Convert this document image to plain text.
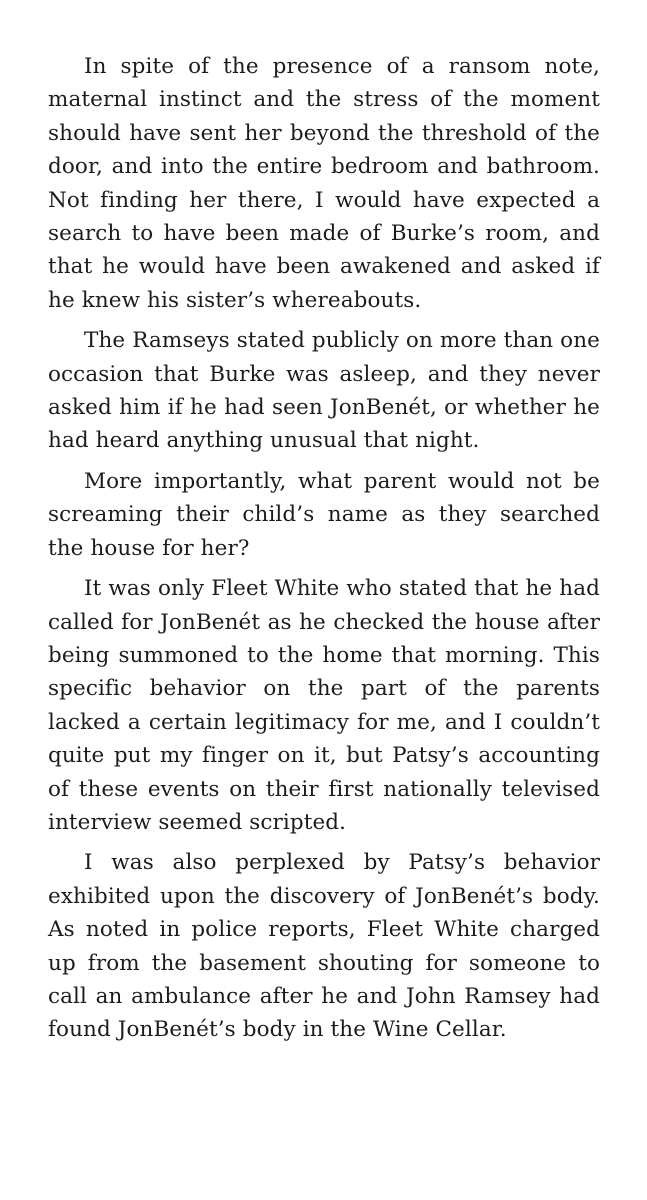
In spite of the presence of a ransom note, maternal instinct and the stress of the moment should have sent her beyond the threshold of the door, and into the entire bedroom and bathroom. Not finding her there, I would have expected a search to have been made of Burke’s room, and that he would have been awakened and asked if he knew his sister’s whereabouts.

The Ramseys stated publicly on more than one occasion that Burke was asleep, and they never asked him if he had seen JonBenét, or whether he had heard anything unusual that night.

More importantly, what parent would not be screaming their child’s name as they searched the house for her?

It was only Fleet White who stated that he had called for JonBenét as he checked the house after being summoned to the home that morning. This specific behavior on the part of the parents lacked a certain legitimacy for me, and I couldn’t quite put my finger on it, but Patsy’s accounting of these events on their first nationally televised interview seemed scripted.

I was also perplexed by Patsy’s behavior exhibited upon the discovery of JonBenét’s body. As noted in police reports, Fleet White charged up from the basement shouting for someone to call an ambulance after he and John Ramsey had found JonBenét’s body in the Wine Cellar.
